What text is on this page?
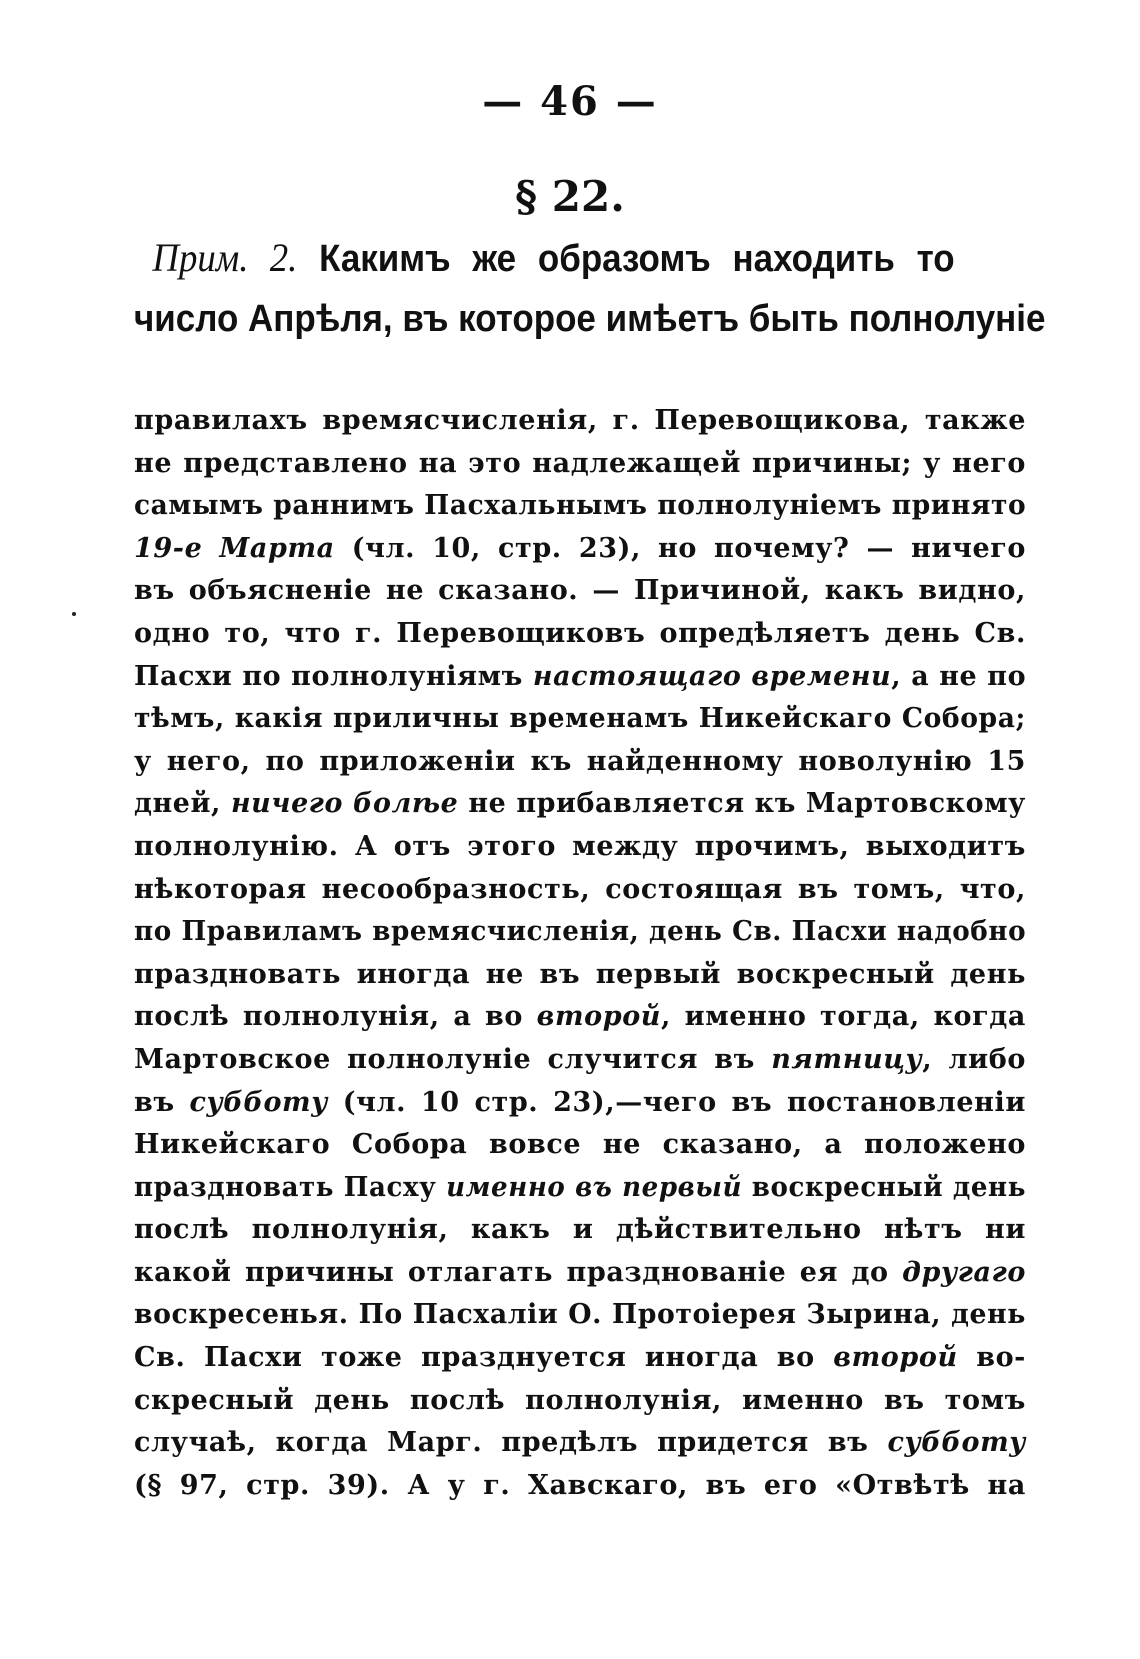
— 46 —
§ 22.
Прим. 2. Какимъ же образомъ находить то
число Апрѣля, въ которое имѣетъ быть полнолуніе
правилахъ времясчисленія, г. Перевощикова, также
не представлено на это надлежащей причины; у него
самымъ раннимъ Пасхальнымъ полнолуніемъ принято
19-е Марта (чл. 10, стр. 23), но почему? — ничего
въ объясненіе не сказано. — Причиной, какъ видно,
одно то, что г. Перевощиковъ опредѣляетъ день Св.
Пасхи по полнолуніямъ настоящаго времени, а не по
тѣмъ, какія приличны временамъ Никейскаго Собора;
у него, по приложеніи къ найденному новолунію 15
дней, ничего болѣе не прибавляется къ Мартовскому
полнолунію. А отъ этого между прочимъ, выходитъ
нѣкоторая несообразность, состоящая въ томъ, что,
по Правиламъ времясчисленія, день Св. Пасхи надобно
праздновать иногда не въ первый воскресный день
послѣ полнолунія, а во второй, именно тогда, когда
Мартовское полнолуніе случится въ пятницу, либо
въ субботу (чл. 10 стр. 23),—чего въ постановленіи
Никейскаго Собора вовсе не сказано, а положено
праздновать Пасху именно въ первый воскресный день
послѣ полнолунія, какъ и дѣйствительно нѣтъ ни
какой причины отлагать празднованіе ея до другаго
воскресенья. По Пасхаліи О. Протоіерея Зырина, день
Св. Пасхи тоже празднуется иногда во второй во-
скресный день послѣ полнолунія, именно въ томъ
случаѣ, когда Марг. предѣлъ придется въ субботу
(§ 97, стр. 39). А у г. Хавскаго, въ его «Отвѣтѣ на
